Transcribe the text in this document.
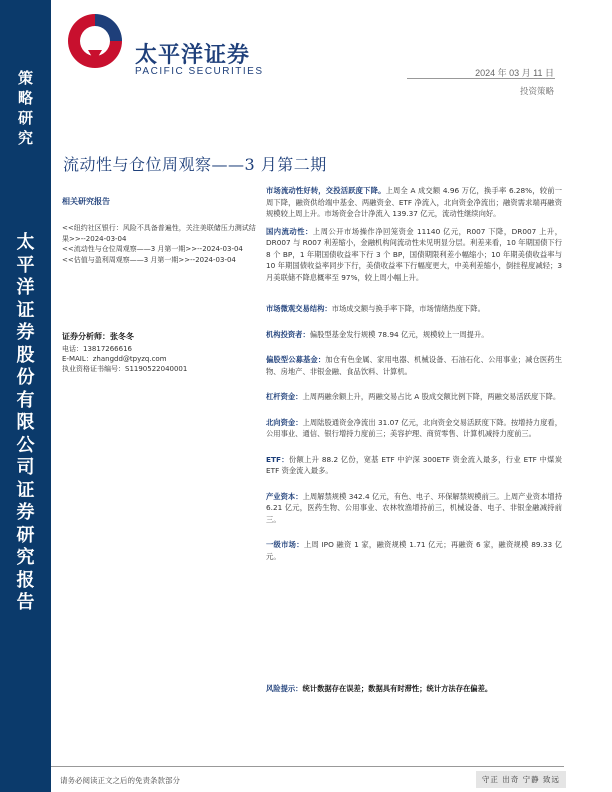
策略研究
太平洋证券股份有限公司证券研究报告
太平洋证券
PACIFIC SECURITIES	2024 年 03 月 11 日
投资策略
流动性与仓位周观察——3 月第二期
相关研究报告

<<纽约社区银行：风险不具备普遍性，关注美联储压力测试结果>>--2024-03-04

<<流动性与仓位周观察——3 月第一期>>--2024-03-04

<<估值与盈利周观察——3 月第一期>>--2024-03-04

证券分析师：张冬冬
电话：13817266616
E-MAIL：zhangdd@tpyzq.com
执业资格证书编号：S1190522040001

市场流动性好转，交投活跃度下降。上周全 A 成交额 4.96 万亿，换手率 6.28%，较前一周下降，融资供给端中基金、两融资金、ETF 净流入，北向资金净流出；融资需求端再融资规模较上周上升。市场资金合计净流入 139.37 亿元，流动性继续向好。

国内流动性：上周公开市场操作净回笼资金 11140 亿元，R007 下降，DR007 上升，DR007 与 R007 利差缩小，金融机构间流动性未见明显分层。利差来看，10 年期国债下行 8 个 BP，1 年期国债收益率下行 3 个 BP，国债期限利差小幅缩小；10 年期美债收益率与 10 年期国债收益率同步下行，美债收益率下行幅度更大，中美利差缩小，倒挂程度减轻；3 月美联储不降息概率至 97%，较上周小幅上升。

市场微观交易结构：市场成交额与换手率下降，市场情绪热度下降。

机构投资者：偏股型基金发行规模 78.94 亿元，规模较上一周提升。

偏股型公募基金：加仓有色金属、家用电器、机械设备、石油石化、公用事业；减仓医药生物、房地产、非银金融、食品饮料、计算机。

杠杆资金：上周两融余额上升，两融交易占比 A 股成交额比例下降，两融交易活跃度下降。

北向资金：上周陆股通资金净流出 31.07 亿元，北向资金交易活跃度下降。按增持力度看，公用事业、通信、银行增持力度前三；美容护理、商贸零售、计算机减持力度前三。

ETF：份额上升 88.2 亿份，宽基 ETF 中沪深 300ETF 资金流入最多，行业 ETF 中煤炭 ETF 资金流入最多。

产业资本：上周解禁规模 342.4 亿元，有色、电子、环保解禁规模前三。上周产业资本增持 6.21 亿元，医药生物、公用事业、农林牧渔增持前三，机械设备、电子、非银金融减持前三。

一级市场：上周 IPO 融资 1 家，融资规模 1.71 亿元；再融资 6 家，融资规模 89.33 亿元。

风险提示：统计数据存在误差；数据具有时滞性；统计方法存在偏差。
请务必阅读正文之后的免责条款部分	守正 出奇 宁静 致远
